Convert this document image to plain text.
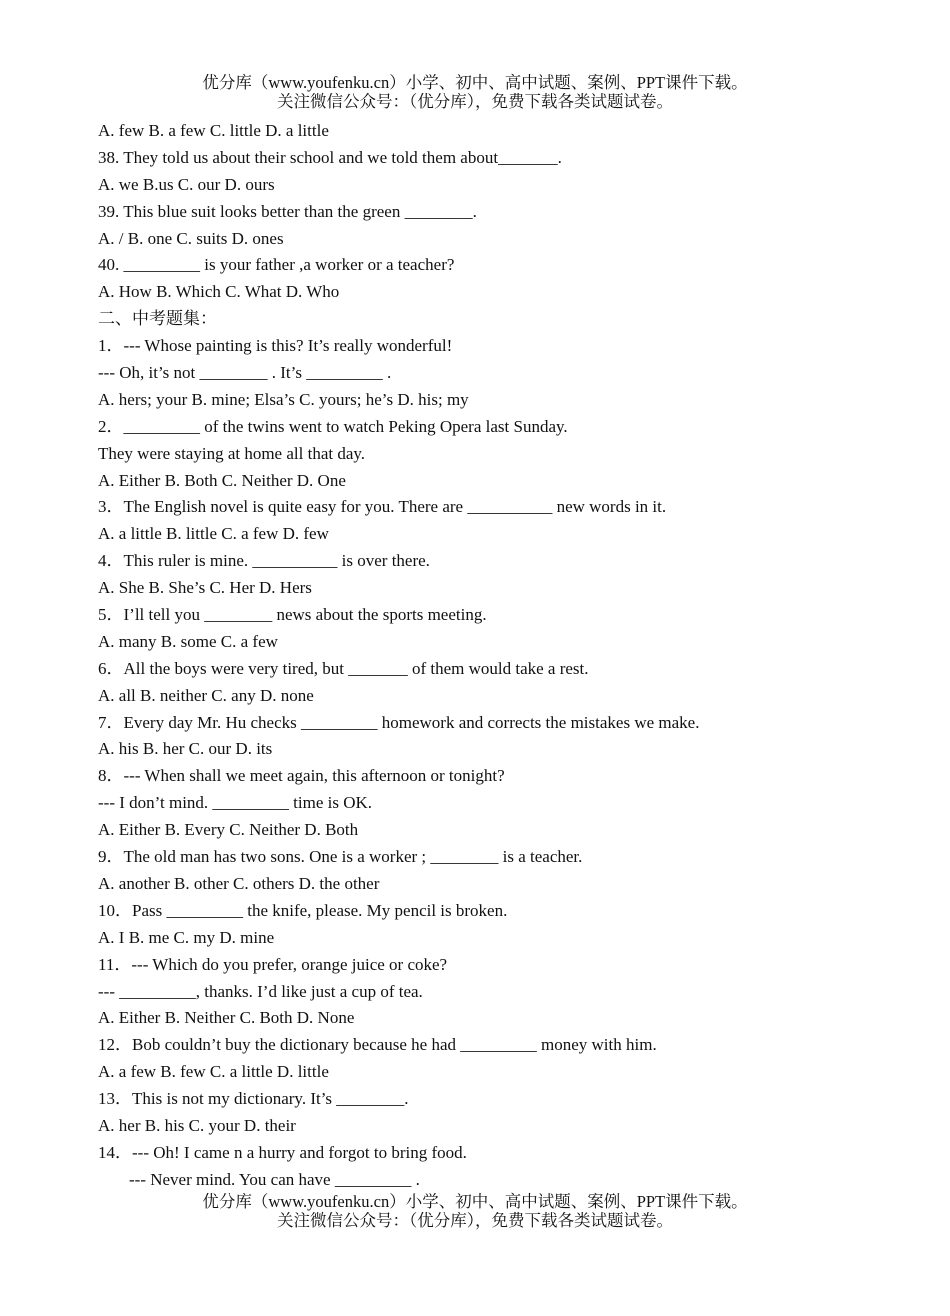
优分库（www.youfenku.cn）小学、初中、高中试题、案例、PPT课件下载。
关注微信公众号：（优分库），免费下载各类试题试卷。
A. few B. a few C. little D. a little
38. They told us about their school and we told them about_______.
A. we B.us C. our D. ours
39. This blue suit looks better than the green ________.
A. / B. one C. suits D. ones
40. _________ is your father ,a worker or a teacher?
A. How B. Which C. What D. Who
二、中考题集：
1．--- Whose painting is this? It’s really wonderful!
--- Oh, it’s not ________ . It’s _________ .
A. hers; your B. mine; Elsa’s C. yours; he’s D. his; my
2．_________ of the twins went to watch Peking Opera last Sunday.
They were staying at home all that day.
A. Either B. Both C. Neither D. One
3．The English novel is quite easy for you. There are __________ new words in it.
A. a little B. little C. a few D. few
4．This ruler is mine. __________ is over there.
A. She B. She’s C. Her D. Hers
5．I’ll tell you ________ news about the sports meeting.
A. many B. some C. a few
6．All the boys were very tired, but _______ of them would take a rest.
A. all B. neither C. any D. none
7．Every day Mr. Hu checks _________ homework and corrects the mistakes we make.
A. his B. her C. our D. its
8．--- When shall we meet again, this afternoon or tonight?
--- I don’t mind. _________ time is OK.
A. Either B. Every C. Neither D. Both
9．The old man has two sons. One is a worker ; ________ is a teacher.
A. another B. other C. others D. the other
10．Pass _________ the knife, please. My pencil is broken.
A. I B. me C. my D. mine
11．--- Which do you prefer, orange juice or coke?
--- _________, thanks. I’d like just a cup of tea.
A. Either B. Neither C. Both D. None
12．Bob couldn’t buy the dictionary because he had _________ money with him.
A. a few B. few C. a little D. little
13．This is not my dictionary. It’s ________.
A. her B. his C. your D. their
14．--- Oh! I came n a hurry and forgot to bring food.
--- Never mind. You can have _________ .
优分库（www.youfenku.cn）小学、初中、高中试题、案例、PPT课件下载。
关注微信公众号：（优分库），免费下载各类试题试卷。
